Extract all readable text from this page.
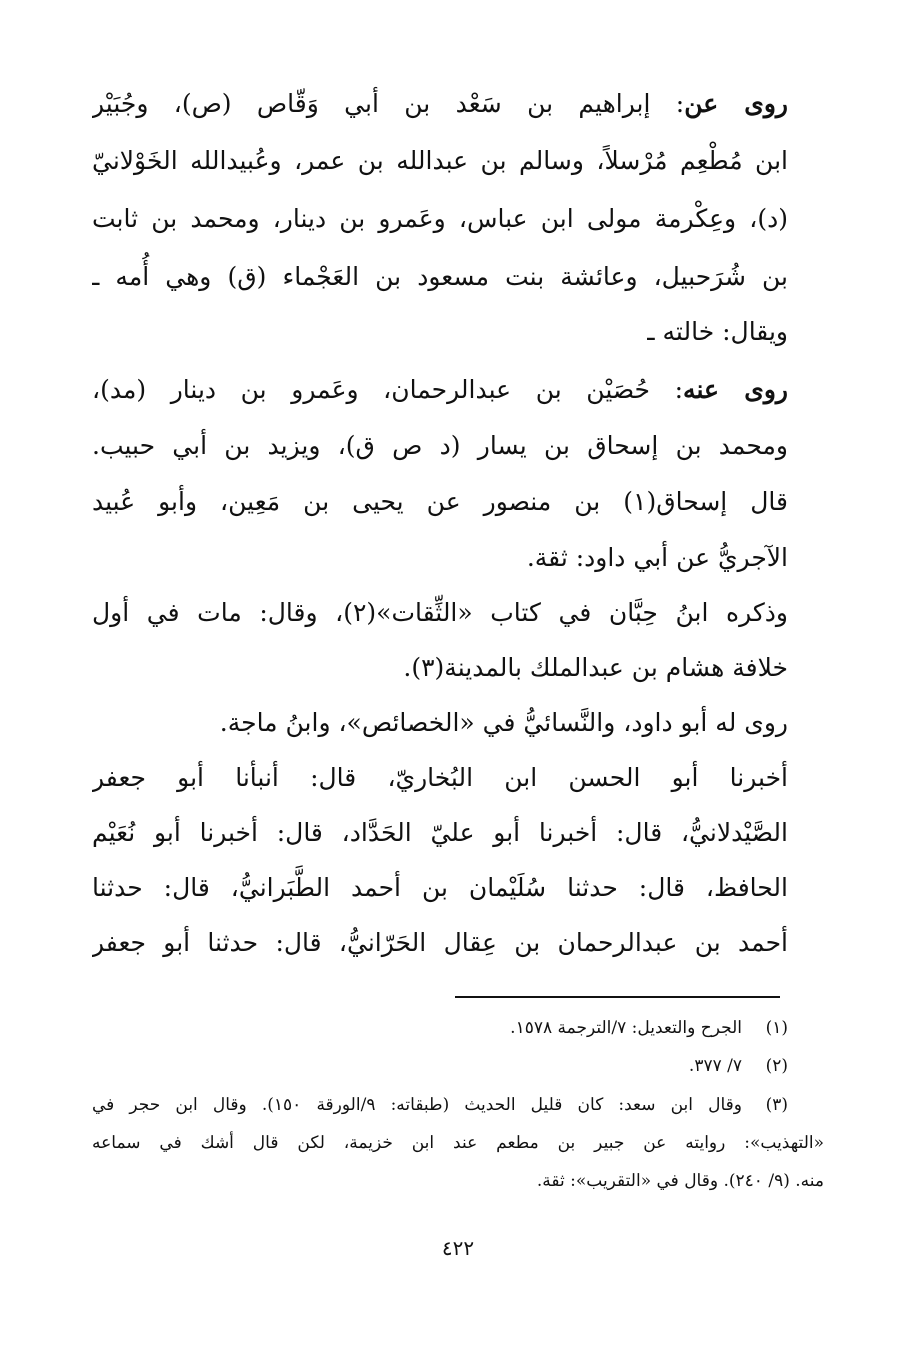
روى عن: إبراهيم بن سَعْد بن أبي وَقّاص (ص)، وجُبَيْر
ابن مُطْعِم مُرْسلاً، وسالم بن عبدالله بن عمر، وعُبيدالله الخَوْلانيّ
(د)، وعِكْرمة مولى ابن عباس، وعَمرو بن دينار، ومحمد بن ثابت
بن شُرَحبيل، وعائشة بنت مسعود بن العَجْماء (ق) وهي أُمه ـ
ويقال: خالته ـ
روى عنه: حُصَيْن بن عبدالرحمان، وعَمرو بن دينار (مد)،
ومحمد بن إسحاق بن يسار (د ص ق)، ويزيد بن أبي حبيب.
قال إسحاق(١) بن منصور عن يحيى بن مَعِين، وأبو عُبيد
الآجريُّ عن أبي داود: ثقة.
وذكره ابنُ حِبَّان في كتاب «الثِّقات»(٢)، وقال: مات في أول
خلافة هشام بن عبدالملك بالمدينة(٣).
روى له أبو داود، والنَّسائيُّ في «الخصائص»، وابنُ ماجة.
أخبرنا أبو الحسن ابن البُخاريّ، قال: أنبأنا أبو جعفر
الصَّيْدلانيُّ، قال: أخبرنا أبو عليّ الحَدَّاد، قال: أخبرنا أبو نُعَيْم
الحافظ، قال: حدثنا سُلَيْمان بن أحمد الطَّبَرانيُّ، قال: حدثنا
أحمد بن عبدالرحمان بن عِقال الحَرّانيُّ، قال: حدثنا أبو جعفر
(١)الجرح والتعديل: ٧/الترجمة ١٥٧٨.
(٢)٧/ ٣٧٧.
(٣)وقال ابن سعد: كان قليل الحديث (طبقاته: ٩/الورقة ١٥٠). وقال ابن حجر في
«التهذيب»: روايته عن جبير بن مطعم عند ابن خزيمة، لكن قال أشك في سماعه
منه. (٩/ ٢٤٠). وقال في «التقريب»: ثقة.
٤٢٢
